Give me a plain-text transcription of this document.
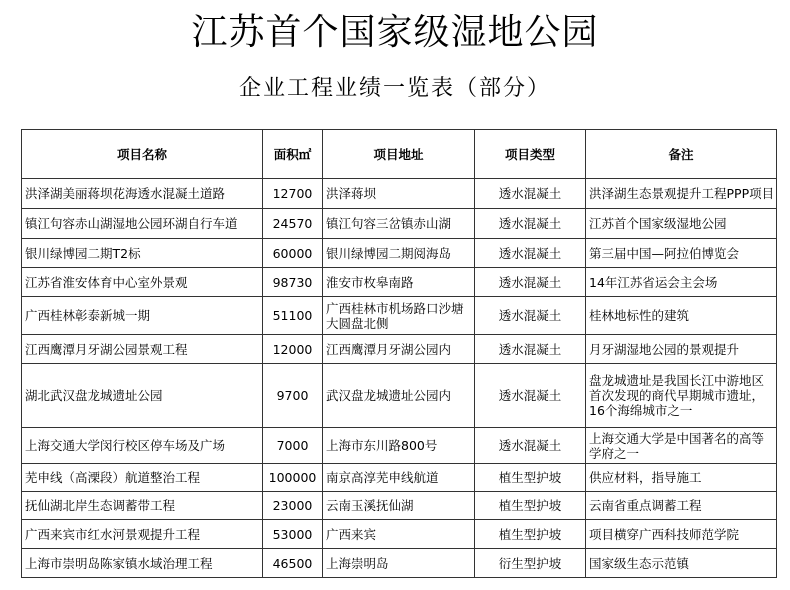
江苏首个国家级湿地公园
企业工程业绩一览表（部分）
项目名称	面积㎡	项目地址	项目类型	备注
洪泽湖美丽蒋坝花海透水混凝土道路	12700	洪泽蒋坝	透水混凝土	洪泽湖生态景观提升工程PPP项目
镇江句容赤山湖湿地公园环湖自行车道	24570	镇江句容三岔镇赤山湖	透水混凝土	江苏首个国家级湿地公园
银川绿博园二期T2标	60000	银川绿博园二期阅海岛	透水混凝土	第三届中国—阿拉伯博览会
江苏省淮安体育中心室外景观	98730	淮安市枚皋南路	透水混凝土	14年江苏省运会主会场
广西桂林彰泰新城一期	51100	广西桂林市机场路口沙塘大圆盘北侧	透水混凝土	桂林地标性的建筑
江西鹰潭月牙湖公园景观工程	12000	江西鹰潭月牙湖公园内	透水混凝土	月牙湖湿地公园的景观提升
湖北武汉盘龙城遗址公园	9700	武汉盘龙城遗址公园内	透水混凝土	盘龙城遗址是我国长江中游地区首次发现的商代早期城市遗址，16个海绵城市之一
上海交通大学闵行校区停车场及广场	7000	上海市东川路800号	透水混凝土	上海交通大学是中国著名的高等学府之一
芜申线（高溧段）航道整治工程	100000	南京高淳芜申线航道	植生型护坡	供应材料，指导施工
抚仙湖北岸生态调蓄带工程	23000	云南玉溪抚仙湖	植生型护坡	云南省重点调蓄工程
广西来宾市红水河景观提升工程	53000	广西来宾	植生型护坡	项目横穿广西科技师范学院
上海市崇明岛陈家镇水域治理工程	46500	上海崇明岛	衍生型护坡	国家级生态示范镇
